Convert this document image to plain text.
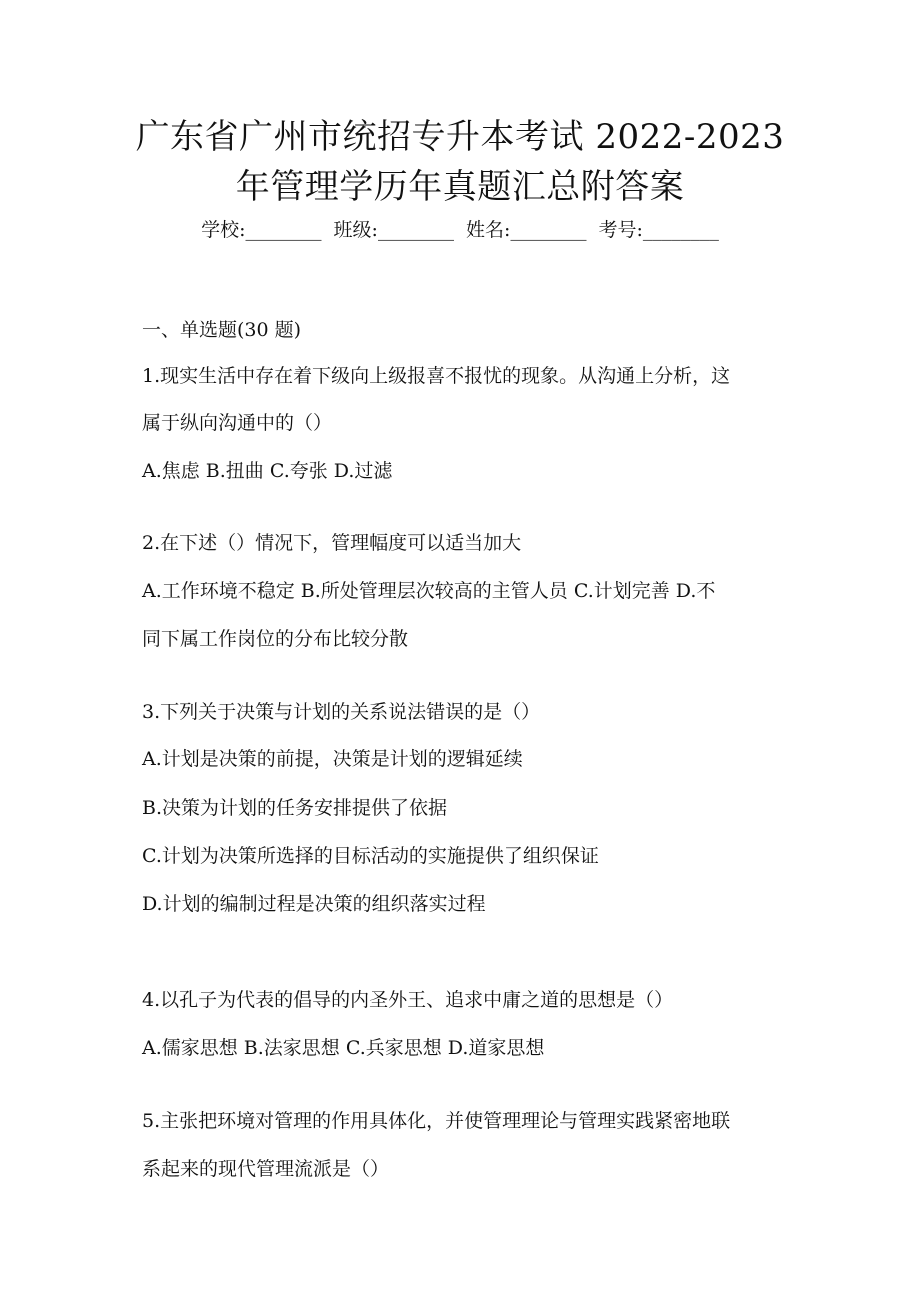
广东省广州市统招专升本考试 2022-2023
年管理学历年真题汇总附答案
学校:________  班级:________  姓名:________  考号:________
一、单选题(30 题)
1.现实生活中存在着下级向上级报喜不报忧的现象。从沟通上分析，这
属于纵向沟通中的（）
A.焦虑 B.扭曲 C.夸张 D.过滤
2.在下述（）情况下，管理幅度可以适当加大
A.工作环境不稳定 B.所处管理层次较高的主管人员 C.计划完善 D.不
同下属工作岗位的分布比较分散
3.下列关于决策与计划的关系说法错误的是（）
A.计划是决策的前提，决策是计划的逻辑延续
B.决策为计划的任务安排提供了依据
C.计划为决策所选择的目标活动的实施提供了组织保证
D.计划的编制过程是决策的组织落实过程
4.以孔子为代表的倡导的内圣外王、追求中庸之道的思想是（）
A.儒家思想 B.法家思想 C.兵家思想 D.道家思想
5.主张把环境对管理的作用具体化，并使管理理论与管理实践紧密地联
系起来的现代管理流派是（）
